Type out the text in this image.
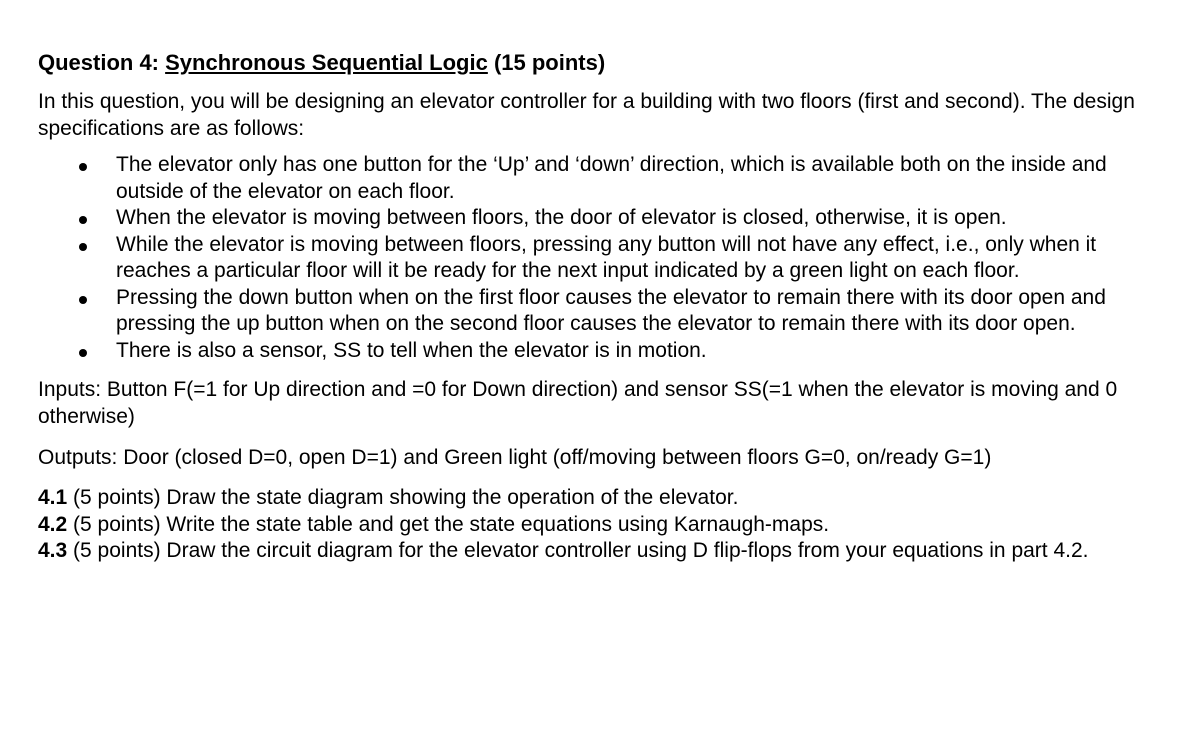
Question 4: Synchronous Sequential Logic (15 points)

In this question, you will be designing an elevator controller for a building with two floors (first and second). The design specifications are as follows:

The elevator only has one button for the ‘Up’ and ‘down’ direction, which is available both on the inside and outside of the elevator on each floor.
When the elevator is moving between floors, the door of elevator is closed, otherwise, it is open.
While the elevator is moving between floors, pressing any button will not have any effect, i.e., only when it reaches a particular floor will it be ready for the next input indicated by a green light on each floor.
Pressing the down button when on the first floor causes the elevator to remain there with its door open and pressing the up button when on the second floor causes the elevator to remain there with its door open.
There is also a sensor, SS to tell when the elevator is in motion.

Inputs: Button F(=1 for Up direction and =0 for Down direction) and sensor SS(=1 when the elevator is moving and 0 otherwise)

Outputs: Door (closed D=0, open D=1) and Green light (off/moving between floors G=0, on/ready G=1)

4.1 (5 points) Draw the state diagram showing the operation of the elevator.
4.2 (5 points) Write the state table and get the state equations using Karnaugh-maps.
4.3 (5 points) Draw the circuit diagram for the elevator controller using D flip-flops from your equations in part 4.2.
